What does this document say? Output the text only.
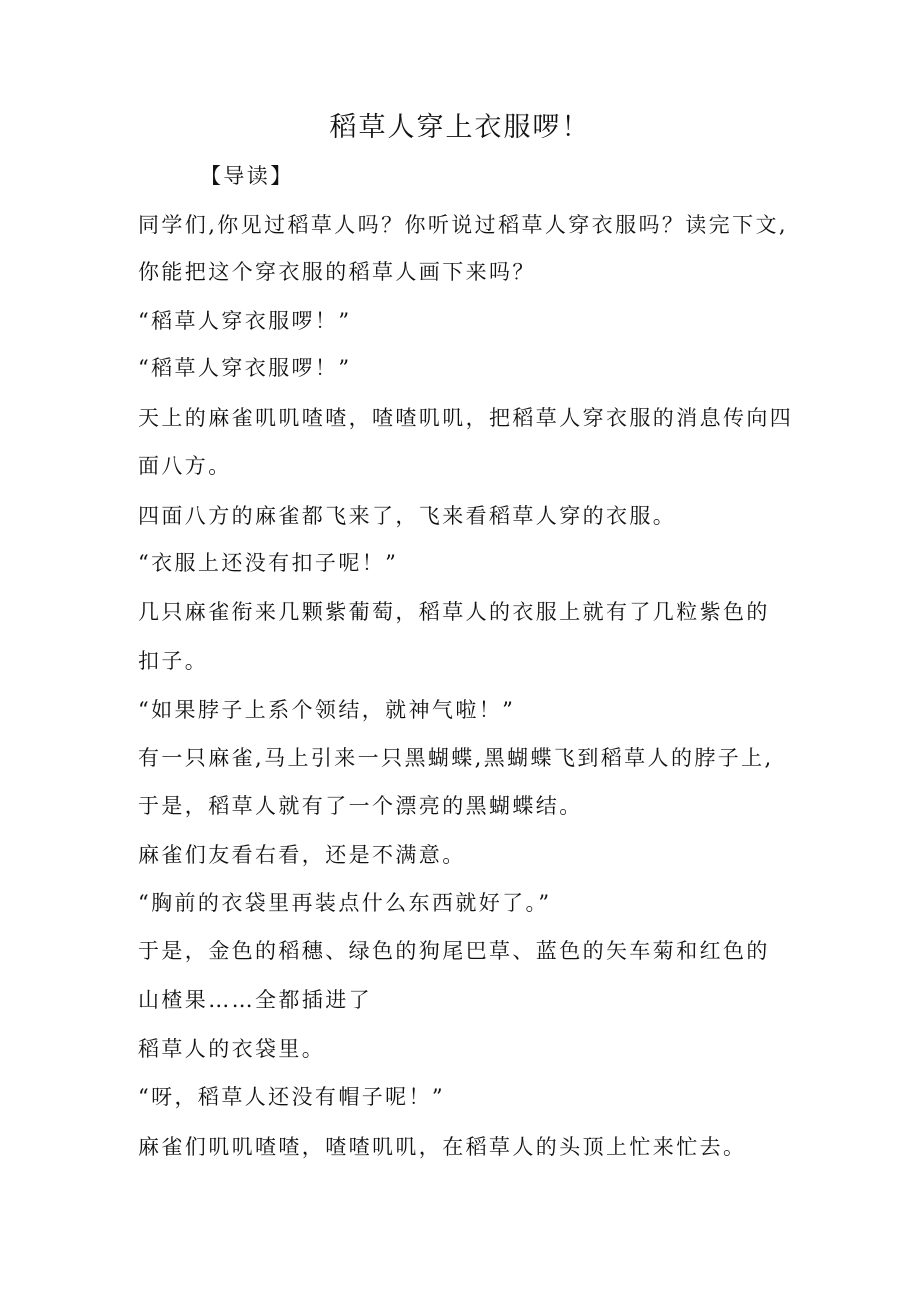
稻草人穿上衣服啰！
【导读】
同学们,你见过稻草人吗？你听说过稻草人穿衣服吗？读完下文,
你能把这个穿衣服的稻草人画下来吗？
“稻草人穿衣服啰！”
“稻草人穿衣服啰！”
天上的麻雀叽叽喳喳，喳喳叽叽，把稻草人穿衣服的消息传向四
面八方。
四面八方的麻雀都飞来了，飞来看稻草人穿的衣服。
“衣服上还没有扣子呢！”
几只麻雀衔来几颗紫葡萄，稻草人的衣服上就有了几粒紫色的
扣子。
“如果脖子上系个领结，就神气啦！”
有一只麻雀,马上引来一只黑蝴蝶,黑蝴蝶飞到稻草人的脖子上,
于是，稻草人就有了一个漂亮的黑蝴蝶结。
麻雀们友看右看，还是不满意。
“胸前的衣袋里再装点什么东西就好了。”
于是，金色的稻穗、绿色的狗尾巴草、蓝色的矢车菊和红色的
山楂果……全都插进了
稻草人的衣袋里。
“呀，稻草人还没有帽子呢！”
麻雀们叽叽喳喳，喳喳叽叽，在稻草人的头顶上忙来忙去。
